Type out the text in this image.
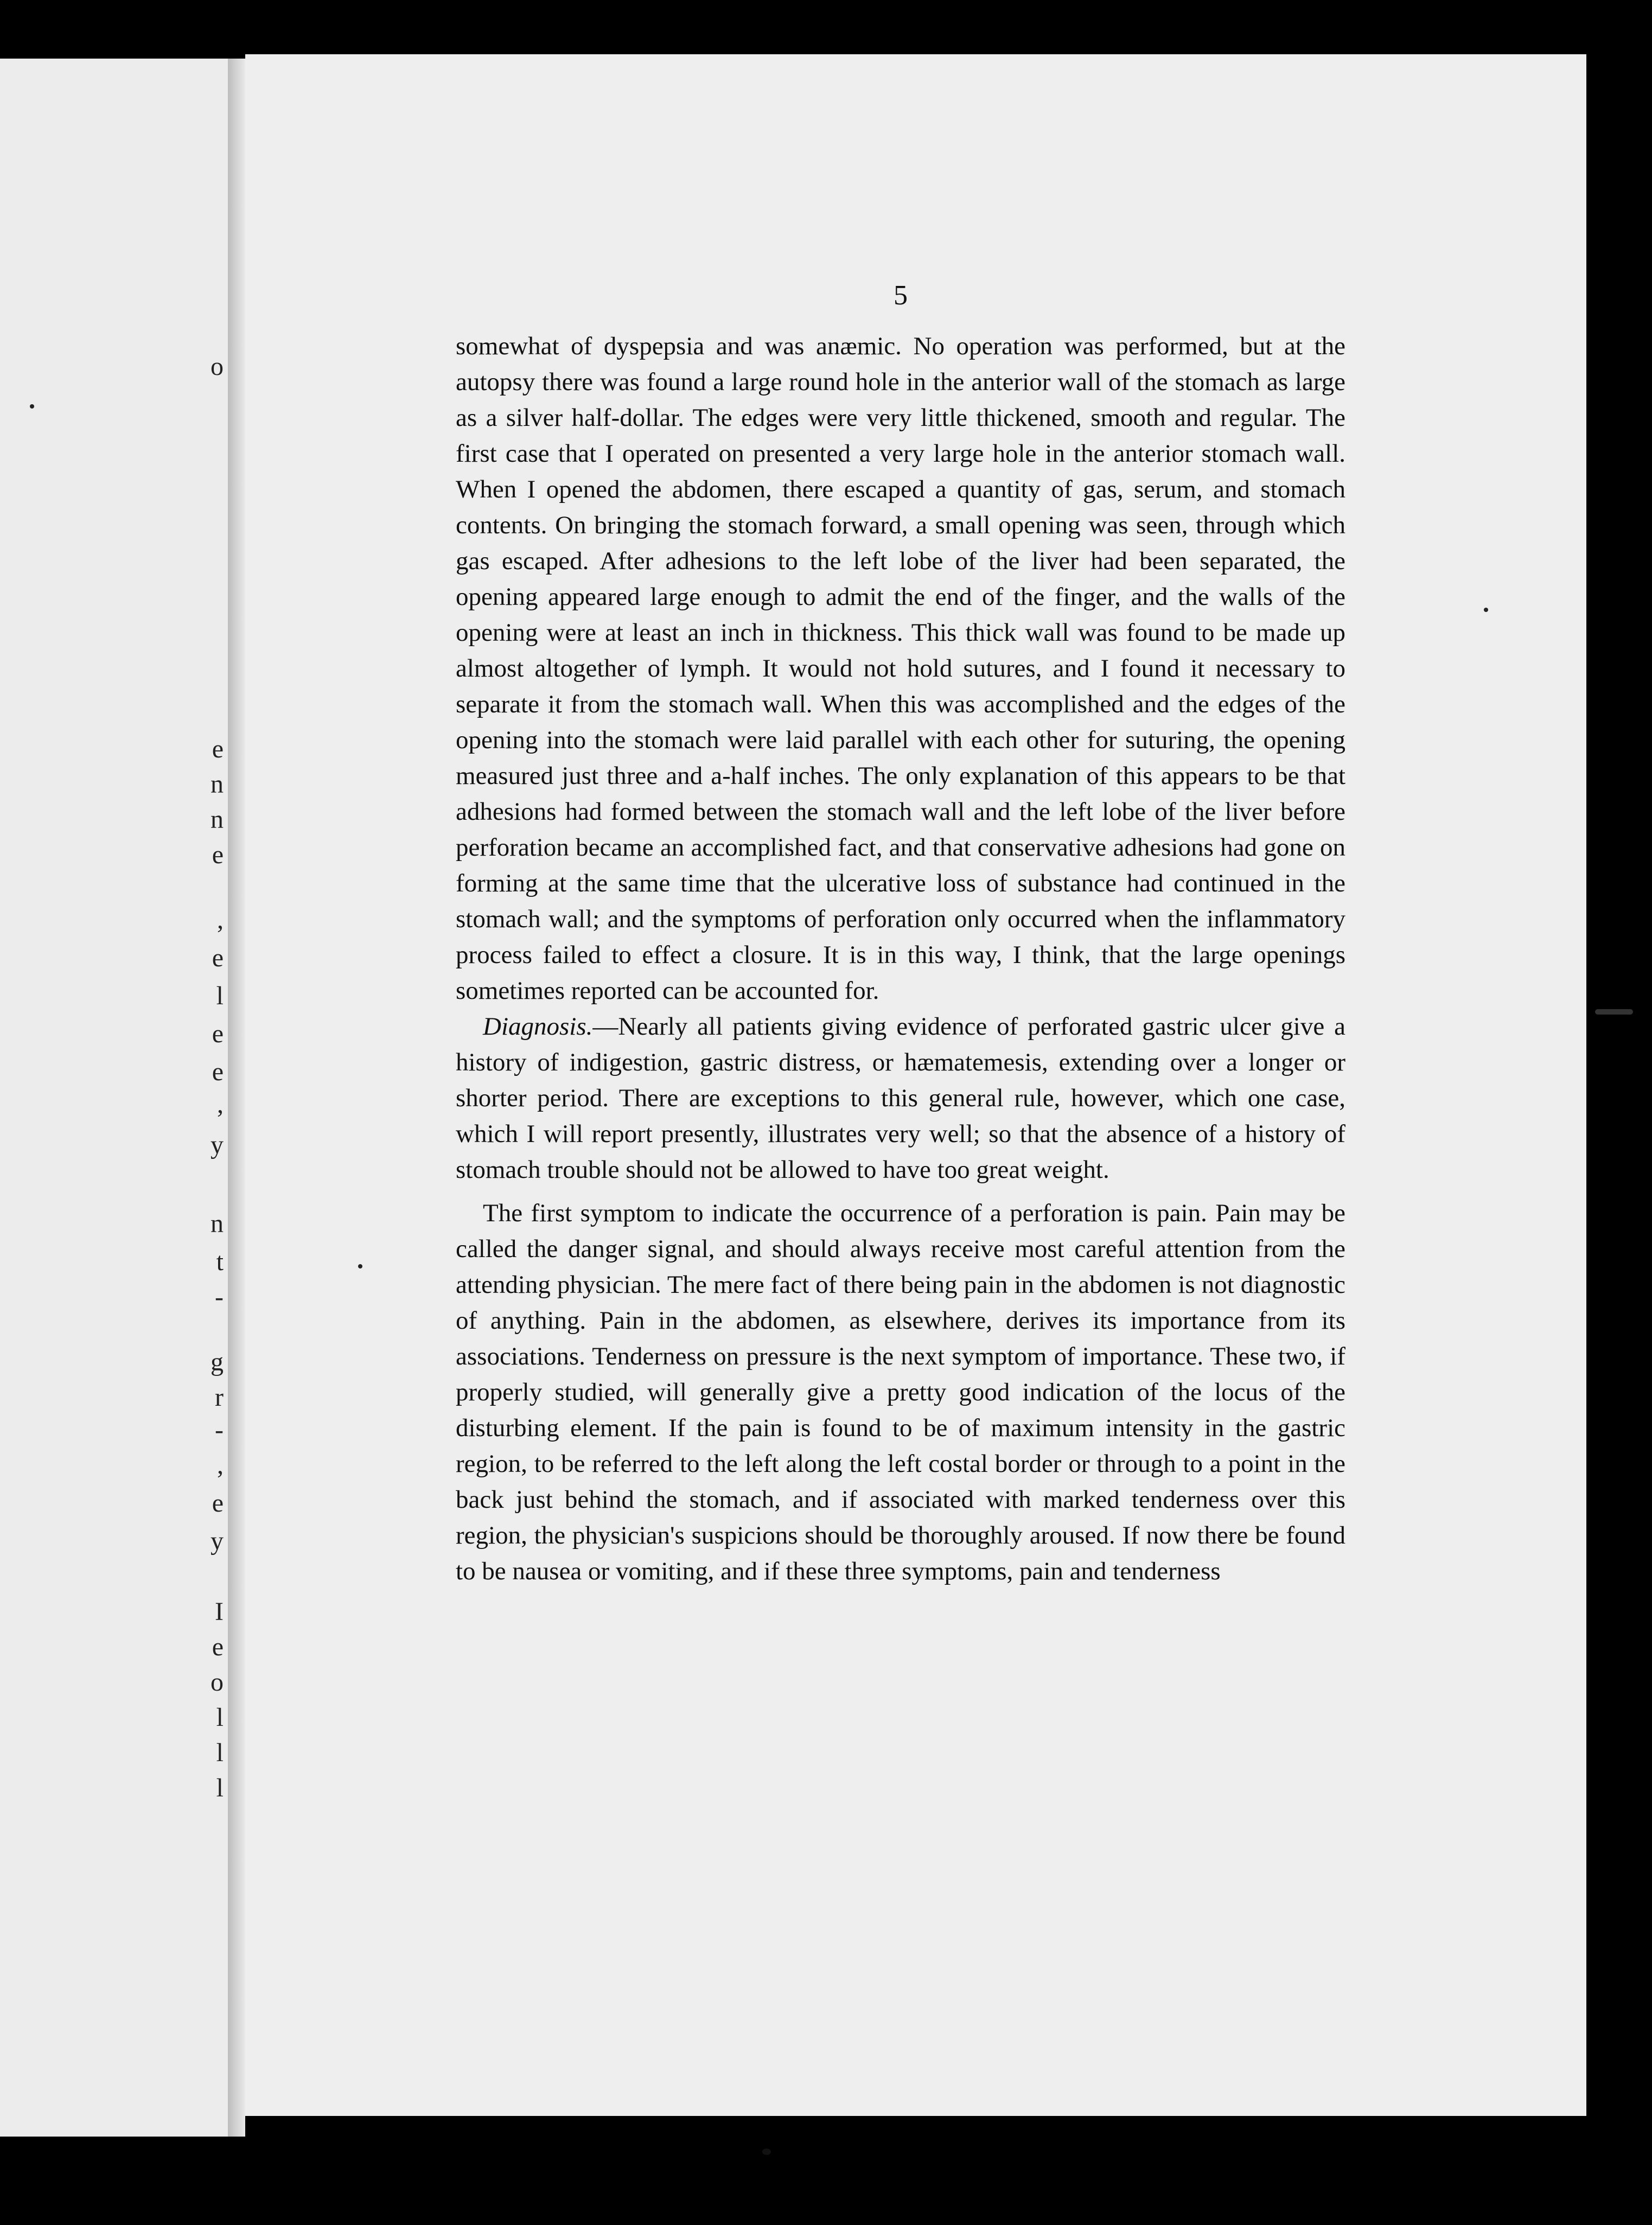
o
e
n
n
e
,
e
l
e
e
,
y
n
t
-
g
r
-
,
e
y
I
e
o
l
l
l
5

somewhat of dyspepsia and was anæmic. No operation was performed, but at the autopsy there was found a large round hole in the anterior wall of the stomach as large as a silver half-dollar. The edges were very little thickened, smooth and regular. The first case that I operated on presented a very large hole in the anterior stomach wall. When I opened the abdomen, there escaped a quantity of gas, serum, and stomach contents. On bringing the stomach forward, a small opening was seen, through which gas escaped. After adhesions to the left lobe of the liver had been separated, the opening appeared large enough to admit the end of the finger, and the walls of the opening were at least an inch in thickness. This thick wall was found to be made up almost altogether of lymph. It would not hold sutures, and I found it necessary to separate it from the stomach wall. When this was accomplished and the edges of the opening into the stomach were laid parallel with each other for suturing, the opening measured just three and a-half inches. The only explanation of this appears to be that adhesions had formed between the stomach wall and the left lobe of the liver before perforation became an accomplished fact, and that conservative adhesions had gone on forming at the same time that the ulcerative loss of substance had continued in the stomach wall; and the symptoms of perforation only occurred when the inflammatory process failed to effect a closure. It is in this way, I think, that the large openings sometimes reported can be accounted for.

Diagnosis.—Nearly all patients giving evidence of perforated gastric ulcer give a history of indigestion, gastric distress, or hæmatemesis, extending over a longer or shorter period. There are exceptions to this general rule, however, which one case, which I will report presently, illustrates very well; so that the absence of a history of stomach trouble should not be allowed to have too great weight.

The first symptom to indicate the occurrence of a perforation is pain. Pain may be called the danger signal, and should always receive most careful attention from the attending physician. The mere fact of there being pain in the abdomen is not diagnostic of anything. Pain in the abdomen, as elsewhere, derives its importance from its associations. Tenderness on pressure is the next symptom of importance. These two, if properly studied, will generally give a pretty good indication of the locus of the disturbing element. If the pain is found to be of maximum intensity in the gastric region, to be referred to the left along the left costal border or through to a point in the back just behind the stomach, and if associated with marked tenderness over this region, the physician's suspicions should be thoroughly aroused. If now there be found to be nausea or vomiting, and if these three symptoms, pain and tenderness
